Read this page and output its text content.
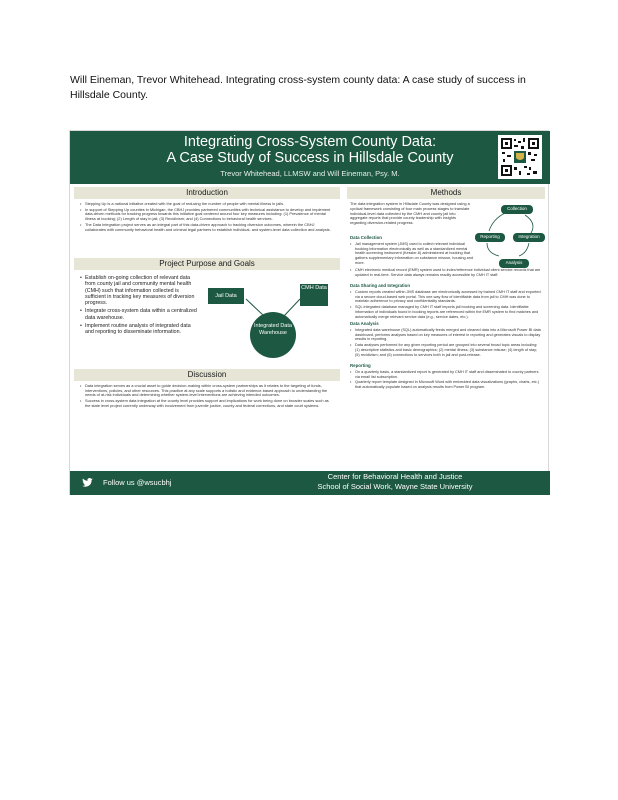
Will Eineman, Trevor Whitehead. Integrating cross-system county data: A case study of success in Hillsdale County.
Integrating Cross-System County Data:
A Case Study of Success in Hillsdale County
Trevor Whitehead, LLMSW and Will Eineman, Psy. M.
Introduction
• Stepping Up is a national initiative created with the goal of reducing the number of people with mental illness in jails.
• In support of Stepping Up counties in Michigan, the CBHJ provides partnered communities with technical assistance to develop and implement data-driven methods for tracking progress towards this initiative goal centered around four key measures including: (1) Prevalence of mental illness at booking; (2) Length of stay in jail; (3) Recidivism; and (4) Connections to behavioral health services.
• The Data Integration project serves as an integral part of this data-driven approach to tracking diversion outcomes, wherein the CBHJ collaborates with community behavioral health and criminal legal partners to establish individual- and system-level data collection and analysis.
Project Purpose and Goals
• Establish on-going collection of relevant data from county jail and community mental health (CMH) such that information collected is sufficient in tracking key measures of diversion progress.
• Integrate cross-system data within a centralized data warehouse.
• Implement routine analysis of integrated data and reporting to disseminate information.
Jail Data
CMH Data
Integrated Data Warehouse
Discussion
• Data integration serves as a crucial asset to guide decision-making within cross-system partnerships as it relates to the targeting of funds, interventions, policies, and other resources. This practice at any scale supports a holistic and evidence-based approach to understanding the needs of at-risk individuals and determining whether system-level interventions are achieving intended outcomes.
• Success in cross-system data integration at the county level provides support and implications for work being done on broader scales such as the state level project currently underway with involvement from juvenile justice, county and federal corrections, and state court systems.
Methods
The data integration system in Hillsdale County was designed using a cyclical framework consisting of four main process stages to translate individual-level data collected by the CMH and county jail into aggregate reports that provide county leadership with insights regarding diversion-related progress.
Collection
Reporting	Integration
Analysis
Data Collection
• Jail management system (JMS) used to collect relevant individual booking information electronically as well as a standardized mental health screening instrument (Kessler-6) administered at booking that gathers supplementary information on substance misuse, housing and more.
• CMH electronic medical record (EMR) system used to index/reference individual client service records that are updated in real-time. Service data always remains readily accessible by CMH IT staff.
Data Sharing and Integration
• Custom reports created within JMS database are electronically accessed by trained CMH IT staff and exported via a secure cloud-based web portal. This one-way flow of identifiable data from jail to CMH was done to maintain adherence to privacy and confidentiality standards.
• SQL integrated database managed by CMH IT staff imports jail booking and screening data. Identifiable information of individuals found in booking reports are referenced within the EMR system to find matches and automatically merge relevant service data (e.g., service dates, etc.).
Data Analysis
• Integrated data warehouse (SQL) automatically feeds merged and cleaned data into a Microsoft Power BI data dashboard, performs analyses based on key measures of interest in reporting and generates visuals to display results in reporting.
• Data analyses performed for any given reporting period are grouped into several broad topic areas including: (1) descriptive statistics and basic demographics; (2) mental illness; (3) substance misuse; (4) length of stay; (5) recidivism; and (6) connections to services both in jail and post-release.
Reporting
• On a quarterly basis, a standardized report is generated by CMH IT staff and disseminated to county partners via email list subscription.
• Quarterly report template designed in Microsoft Word with embedded data visualizations (graphs, charts, etc.) that automatically populate based on analysis results from Power BI program.
Follow us @wsucbhj
Center for Behavioral Health and Justice
School of Social Work, Wayne State University
